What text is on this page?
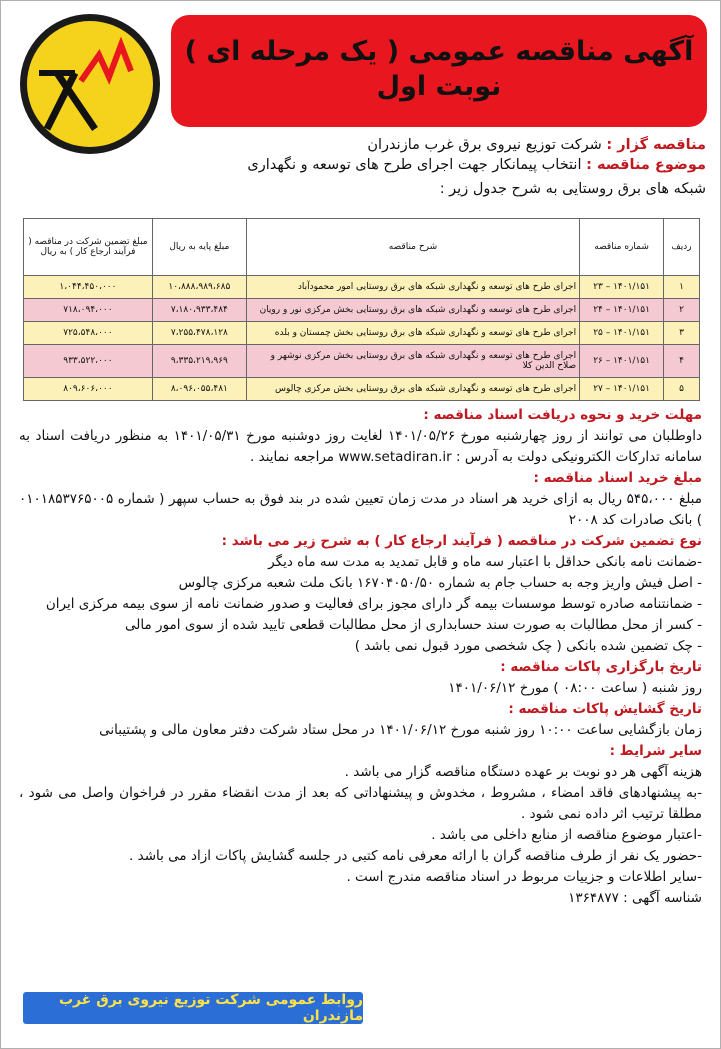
آگهی مناقصه عمومی ( یک مرحله ای )
نوبت اول
مناقصه گزار : شرکت توزیع نیروی برق غرب مازندران
موضوع مناقصه : انتخاب پیمانکار جهت اجرای طرح های توسعه و نگهداری
شبکه های برق روستایی به شرح جدول زیر :
ردیف	شماره مناقصه	شرح مناقصه	مبلغ پایه به ریال	مبلغ تضمین شرکت در مناقصه ( فرآیند ارجاع کار ) به ریال
۱	۱۴۰۱/۱۵۱ – ۲۳	اجرای طرح های توسعه و نگهداری شبکه های برق روستایی امور محمودآباد	۱۰،۸۸۸،۹۸۹،۶۸۵	۱،۰۴۴،۴۵۰،۰۰۰
۲	۱۴۰۱/۱۵۱ – ۲۴	اجرای طرح های توسعه و نگهداری شبکه های برق روستایی بخش مرکزی نور و رویان	۷،۱۸۰،۹۳۳،۴۸۴	۷۱۸،۰۹۴،۰۰۰
۳	۱۴۰۱/۱۵۱ – ۲۵	اجرای طرح های توسعه و نگهداری شبکه های برق روستایی بخش چمستان و بلده	۷،۲۵۵،۴۷۸،۱۲۸	۷۲۵،۵۴۸،۰۰۰
۴	۱۴۰۱/۱۵۱ – ۲۶	اجرای طرح های توسعه و نگهداری شبکه های برق روستایی بخش مرکزی نوشهر و صلاح الدین کلا	۹،۳۳۵،۲۱۹،۹۶۹	۹۳۳،۵۲۲،۰۰۰
۵	۱۴۰۱/۱۵۱ – ۲۷	اجرای طرح های توسعه و نگهداری شبکه های برق روستایی بخش مرکزی چالوس	۸،۰۹۶،۰۵۵،۴۸۱	۸۰۹،۶۰۶،۰۰۰
مهلت خرید و نحوه دریافت اسناد مناقصه :

داوطلبان می توانند از روز چهارشنبه مورخ ۱۴۰۱/۰۵/۲۶ لغایت روز دوشنبه مورخ ۱۴۰۱/۰۵/۳۱ به منظور دریافت اسناد به سامانه تدارکات الکترونیکی دولت به آدرس : www.setadiran.ir مراجعه نمایند .

مبلغ خرید اسناد مناقصه :

مبلغ ۵۴۵،۰۰۰ ریال به ازای خرید هر اسناد در مدت زمان تعیین شده در بند فوق به حساب سپهر ( شماره ۰۱۰۱۸۵۳۷۶۵۰۰۵ ) بانک صادرات کد ۲۰۰۸

نوع تضمین شرکت در مناقصه ( فرآیند ارجاع کار ) به شرح زیر می باشد :

-ضمانت نامه بانکی حداقل با اعتبار سه ماه و قابل تمدید به مدت سه ماه دیگر

- اصل فیش واریز وجه به حساب جام به شماره ۱۶۷۰۴۰۵۰/۵۰ بانک ملت شعبه مرکزی چالوس

- ضمانتنامه صادره توسط موسسات بیمه گر دارای مجوز برای فعالیت و صدور ضمانت نامه از سوی بیمه مرکزی ایران

- کسر از محل مطالبات به صورت سند حسابداری از محل مطالبات قطعی تایید شده از سوی امور مالی

- چک تضمین شده بانکی ( چک شخصی مورد قبول نمی باشد )

تاریخ بارگزاری پاکات مناقصه :

روز شنبه ( ساعت ۰۸:۰۰ ) مورخ ۱۴۰۱/۰۶/۱۲

تاریخ گشایش پاکات مناقصه :

زمان بازگشایی ساعت ۱۰:۰۰ روز شنبه مورخ ۱۴۰۱/۰۶/۱۲ در محل ستاد شرکت دفتر معاون مالی و پشتیبانی

سایر شرایط :

هزینه آگهی هر دو نوبت بر عهده دستگاه مناقصه گزار می باشد .

-به پیشنهادهای فاقد امضاء ، مشروط ، مخدوش و پیشنهاداتی که بعد از مدت انقضاء مقرر در فراخوان واصل می شود ، مطلقا ترتیب اثر داده نمی شود .

-اعتبار موضوع مناقصه از منابع داخلی می باشد .

-حضور یک نفر از طرف مناقصه گران با ارائه معرفی نامه کتبی در جلسه گشایش پاکات ازاد می باشد .

-سایر اطلاعات و جزییات مربوط در اسناد مناقصه مندرج است .

شناسه آگهی : ۱۳۶۴۸۷۷

روابط عمومی شرکت توزیع نیروی برق غرب مازندران
